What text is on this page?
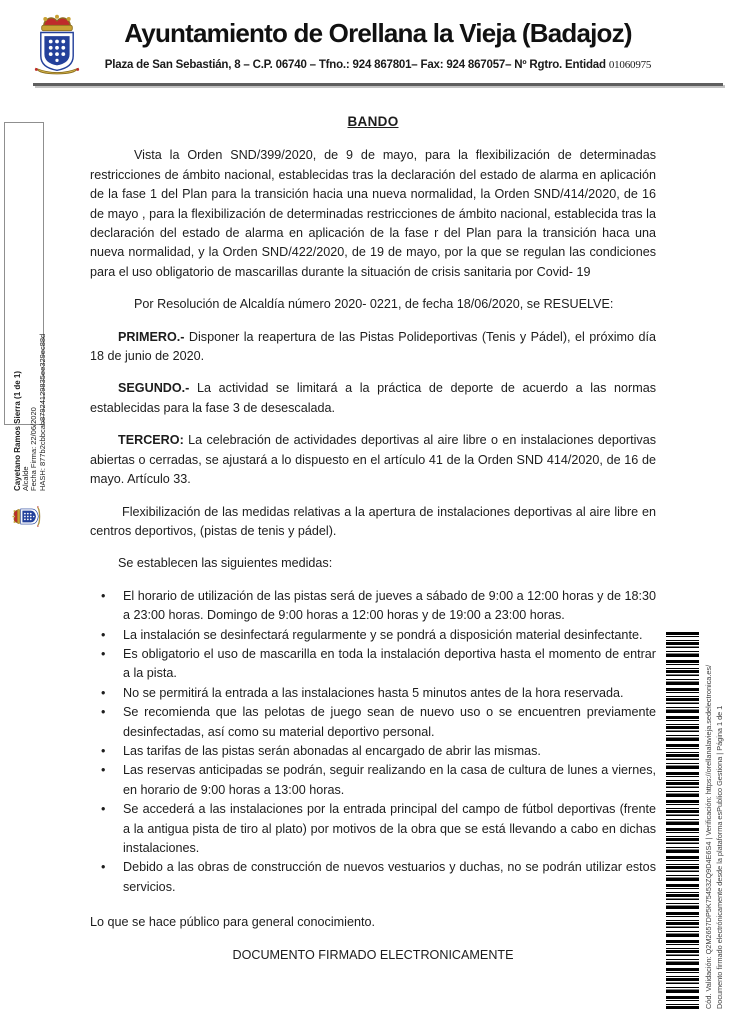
Ayuntamiento de Orellana la Vieja (Badajoz)
Plaza de San Sebastián, 8 – C.P. 06740 – Tfno.: 924 867801– Fax: 924 867057– Nº Rgtro. Entidad 01060975
Cayetano Ramos Sierra (1 de 1) Alcalde Fecha Firma: 22/06/2020 HASH: 877b2cbbcab87924129835ee329ec88d
BANDO

Vista la Orden SND/399/2020, de 9 de mayo, para la flexibilización de determinadas restricciones de ámbito nacional, establecidas tras la declaración del estado de alarma en aplicación de la fase 1 del Plan para la transición hacia una nueva normalidad, la Orden SND/414/2020, de 16 de mayo , para la flexibilización de determinadas restricciones de ámbito nacional, establecida tras la declaración del estado de alarma en aplicación de la fase r del Plan para la transición haca una nueva normalidad, y la Orden SND/422/2020, de 19 de mayo, por la que se regulan las condiciones para el uso obligatorio de mascarillas durante la situación de crisis sanitaria por Covid- 19

Por Resolución de Alcaldía número 2020- 0221, de fecha 18/06/2020, se RESUELVE:

PRIMERO.- Disponer la reapertura de las Pistas Polideportivas (Tenis y Pádel), el próximo día 18 de junio de 2020.

SEGUNDO.- La actividad se limitará a la práctica de deporte de acuerdo a las normas establecidas para la fase 3 de desescalada.

TERCERO: La celebración de actividades deportivas al aire libre o en instalaciones deportivas abiertas o cerradas, se ajustará a lo dispuesto en el artículo 41 de la Orden SND 414/2020, de 16 de mayo. Artículo 33.

Flexibilización de las medidas relativas a la apertura de instalaciones deportivas al aire libre en centros deportivos, (pistas de tenis y pádel).

Se establecen las siguientes medidas:

• El horario de utilización de las pistas será de jueves a sábado de 9:00 a 12:00 horas y de 18:30 a 23:00 horas. Domingo de 9:00 horas a 12:00 horas y de 19:00 a 23:00 horas.
• La instalación se desinfectará regularmente y se pondrá a disposición material desinfectante.
• Es obligatorio el uso de mascarilla en toda la instalación deportiva hasta el momento de entrar a la pista.
• No se permitirá la entrada a las instalaciones hasta 5 minutos antes de la hora reservada.
• Se recomienda que las pelotas de juego sean de nuevo uso o se encuentren previamente desinfectadas, así como su material deportivo personal.
• Las tarifas de las pistas serán abonadas al encargado de abrir las mismas.
• Las reservas anticipadas se podrán, seguir realizando en la casa de cultura de lunes a viernes, en horario de 9:00 horas a 13:00 horas.
• Se accederá a las instalaciones por la entrada principal del campo de fútbol deportivas (frente a la antigua pista de tiro al plato) por motivos de la obra que se está llevando a cabo en dichas instalaciones.
• Debido a las obras de construcción de nuevos vestuarios y duchas, no se podrán utilizar estos servicios.

Lo que se hace público para general conocimiento.

DOCUMENTO FIRMADO ELECTRONICAMENTE	Cód. Validación: Q2M2657DP5K75453ZQ9D4E6S4 | Verificación: https://orellanalavieja.sedelectronica.es/ Documento firmado electrónicamente desde la plataforma esPublico Gestiona | Página 1 de 1
